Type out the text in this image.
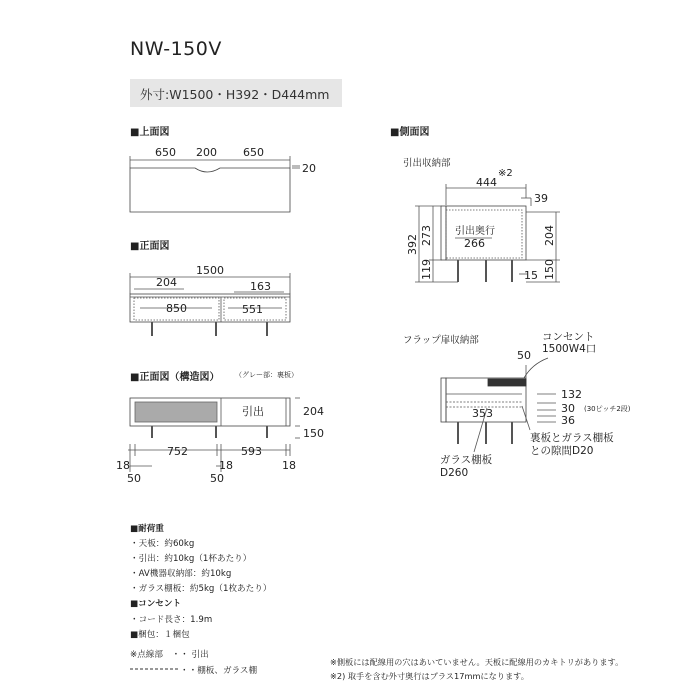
NW-150V
外寸:W1500・H392・D444mm
■上面図
■正面図
■正面図（構造図） （グレー部：裏板）
■側面図
引出収納部
フラップ扉収納部
650 200 650
20
1500
204	163
850	551
引出	204
150
18
752
18
593
18
50	50
※2
444
39
引出奥行
266
392 273
119
204
150
15
コンセント
1500W4口
50
353
132
30 (30ピッチ2段)
36
裏板とガラス棚板
との隙間D20
ガラス棚板
D260
■耐荷重
・天板：約60kg
・引出：約10kg（1杯あたり）
・AV機器収納部：約10kg
・ガラス棚板：約5kg（1枚あたり）
■コンセント
・コード長さ：1.9m
■梱包：１梱包
※点線部　・・ 引出
・・棚板、ガラス棚
※側板には配線用の穴はあいていません。天板に配線用のカキトリがあります。
※2) 取手を含む外寸奥行はプラス17mmになります。
